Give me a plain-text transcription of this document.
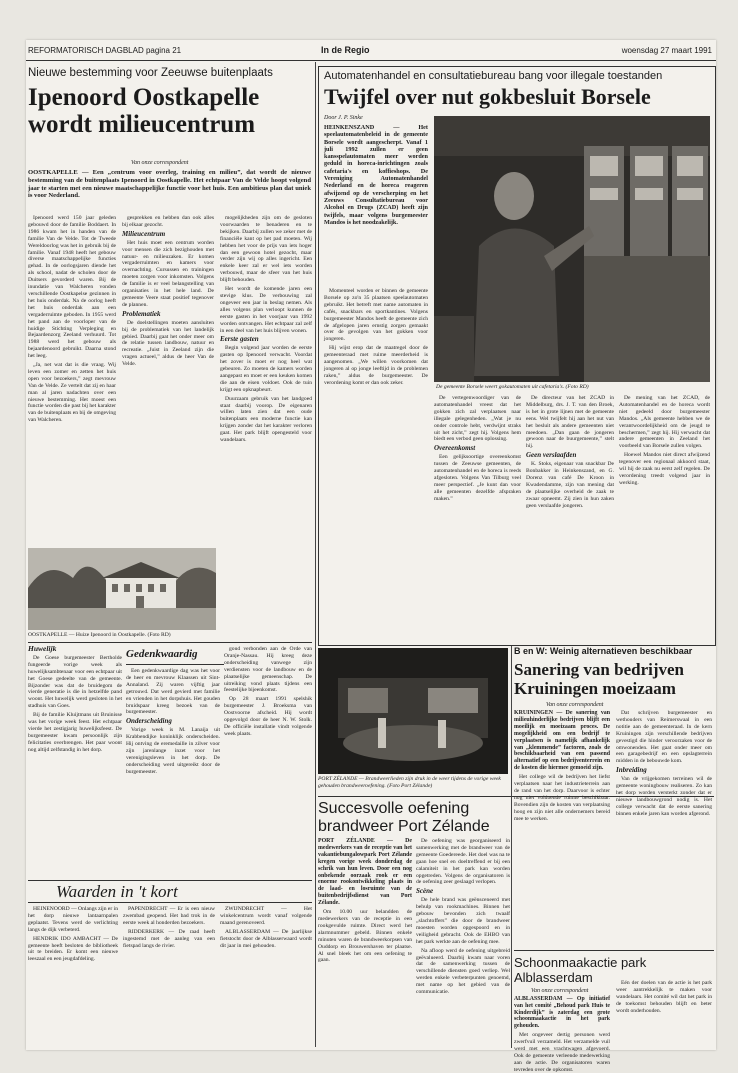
REFORMATORISCH DAGBLAD pagina 21	In de Regio	woensdag 27 maart 1991
Nieuwe bestemming voor Zeeuwse buitenplaats
Ipenoord Oostkapelle wordt milieucentrum
Van onze correspondent
OOSTKAPELLE — Een „centrum voor overleg, training en milieu”, dat wordt de nieuwe bestemming van de buitenplaats Ipenoord in Oostkapelle. Het echtpaar Van de Velde hoopt volgend jaar te starten met een nieuwe maatschappelijke functie voor het huis. Een ambitieus plan dat uniek is voor Nederland.

Ipenoord werd 150 jaar geleden gebouwd door de familie Boddaert. In 1986 kwam het in handen van de familie Van de Velde. Tot de Tweede Wereldoorlog was het in gebruik bij de familie. Vanaf 1948 heeft het gebouw diverse maatschappelijke functies gehad. In de oorlogsjaren diende het als school, nadat de scholen door de Duitsers gevorderd waren. Bij de inundatie van Walcheren vonden verschillende Oostkapelse gezinnen in het huis onderdak. Na de oorlog heeft het huis onderdak aan een vergaderruimte geboden. In 1955 werd het pand aan de voorloper van de huidige Stichting Verpleging en Bejaardenzorg Zeeland verhuurd. Tot 1988 werd het gebouw als bejaardenoord gebruikt. Daarna stond het leeg.

„Ja, net wat dat is die vraag. Wij leven een zomer en zetten het huis open voor bezoekers,” zegt mevrouw Van de Velde. Ze vertelt dat zij en haar man al jaren nadachten over een nieuwe bestemming. Het moest een functie worden die past bij het karakter van de buitenplaats en bij de omgeving van Walcheren.

gesprekken en hebben dan ook alles bij elkaar gezocht.

Milieucentrum

Het huis moet een centrum worden voor mensen die zich bezighouden met natuur- en milieuzaken. Er komen vergaderruimten en kamers voor overnachting. Cursussen en trainingen moeten zorgen voor inkomsten. Volgens de familie is er veel belangstelling van organisaties in het hele land. De gemeente Veere staat positief tegenover de plannen.

Problematiek

De doelstellingen moeten aansluiten bij de problematiek van het landelijk gebied. Daarbij gaat het onder meer om de relatie tussen landbouw, natuur en recreatie. „Juist in Zeeland zijn die vragen actueel,” aldus de heer Van de Velde.

mogelijkheden zijn om de gesloten voorwaarden te benaderen en te bekijken. Daarbij zullen we zeker met de financiële kant op het pad moeten. Wij hebben het voor de prijs van iets hoger dan een gewoon hotel gezocht, maar verder zijn wij op alles ingericht. Een enkele keer zal er wel iets worden verbouwd, maar de sfeer van het huis blijft behouden.

Het wordt de komende jaren een stevige klus. De verbouwing zal ongeveer een jaar in beslag nemen. Als alles volgens plan verloopt kunnen de eerste gasten in het voorjaar van 1992 worden ontvangen. Het echtpaar zal zelf in een deel van het huis blijven wonen.

Eerste gasten

Begin volgend jaar worden de eerste gasten op Ipenoord verwacht. Voordat het zover is moet er nog heel wat gebeuren. Zo moeten de kamers worden aangepast en moet er een keuken komen die aan de eisen voldoet. Ook de tuin krijgt een opknapbeurt.

Duurzaam gebruik van het landgoed staat daarbij voorop. De eigenaren willen laten zien dat een oude buitenplaats een moderne functie kan krijgen zonder dat het karakter verloren gaat. Het park blijft opengesteld voor wandelaars.

OOSTKAPELLE — Huize Ipenoord in Oostkapelle. (Foto RD)
Automatenhandel en consultatiebureau bang voor illegale toestanden
Twijfel over nut gokbesluit Borsele
Door J. P. Sinke
HEINKENSZAND — Het speelautomatenbeleid in de gemeente Borsele wordt aangescherpt. Vanaf 1 juli 1992 zullen er geen kansspelautomaten meer worden geduld in horeca-inrichtingen zoals cafetaria's en koffieshops. De Vereniging Automatenhandel Nederland en de horeca reageren afwijzend op de verscherping en het Zeeuws Consultatiebureau voor Alcohol en Drugs (ZCAD) heeft zijn twijfels, maar volgens burgemeester Mandos is het noodzakelijk.

Momenteel worden er binnen de gemeente Borsele op zo'n 35 plaatsen speelautomaten gebruikt. Het betreft met name automaten in cafés, snackbars en sportkantines. Volgens burgemeester Mandos heeft de gemeente zich de afgelopen jaren ernstig zorgen gemaakt over de gevolgen van het gokken voor jongeren.

Hij wijst erop dat de maatregel door de gemeenteraad met ruime meerderheid is aangenomen. „We willen voorkomen dat jongeren al op jonge leeftijd in de problemen raken,” aldus de burgemeester. De verordening komt er dan ook zeker.

De gemeente Borsele weert gokautomaten uit cafetaria's. (Foto RD)

De vertegenwoordiger van de automatenhandel vreest dat het gokken zich zal verplaatsen naar illegale gelegenheden. „Wat je nu onder controle hebt, verdwijnt straks uit het zicht,” zegt hij. Volgens hem biedt een verbod geen oplossing.

Overeenkomst

Een gelijksoortige overeenkomst tussen de Zeeuwse gemeenten, de automatenhandel en de horeca is reeds afgesloten. Volgens Van Tilburg veel meer perspectief. „Je kunt dan voor alle gemeenten dezelfde afspraken maken.”

De directeur van het ZCAD in Middelburg, drs. J. T. van den Broek, is het in grote lijnen met de gemeente eens. Wel twijfelt hij aan het nut van het besluit als andere gemeenten niet meedoen. „Dan gaan de jongeren gewoon naar de buurgemeente,” stelt hij.

Geen verslaafden

K. Stoks, eigenaar van snackbar De Bonbakker in Heinkenszand, en G. Dorenz van café De Kroon in Kwadendamme, zijn van mening dat de plaatselijke overheid de zaak te zwaar opneemt. Zij zien in hun zaken geen verslaafde jongeren.

De mening van het ZCAD, de Automatenhandel en de horeca wordt niet gedeeld door burgemeester Mandos. „Als gemeente hebben we de verantwoordelijkheid om de jeugd te beschermen,” zegt hij. Hij verwacht dat andere gemeenten in Zeeland het voorbeeld van Borsele zullen volgen.

Hoewel Mandos niet direct afwijzend tegenover een regionaal akkoord staat, wil hij de zaak nu eerst zelf regelen. De verordening treedt volgend jaar in werking.

B en W: Weinig alternatieven beschikbaar
Sanering van bedrijven Kruiningen moeizaam
Van onze correspondent

KRUININGEN — De sanering van milieuhinderlijke bedrijven blijft een moeilijk en moeizaam proces. De mogelijkheid om een bedrijf te verplaatsen is namelijk afhankelijk van „klemmende” factoren, zoals de beschikbaarheid van een passend alternatief op een bedrijventerrein en de kosten die hiermee gemoeid zijn.

Het college wil de bedrijven het liefst verplaatsen naar het industrieterrein aan de rand van het dorp. Daarvoor is echter nog niet voldoende ruimte beschikbaar. Bovendien zijn de kosten van verplaatsing hoog en zijn niet alle ondernemers bereid mee te werken.

Dat schrijven burgemeester en wethouders van Reimerswaal in een notitie aan de gemeenteraad. In de kern Kruiningen zijn verschillende bedrijven gevestigd die hinder veroorzaken voor de omwonenden. Het gaat onder meer om een garagebedrijf en een opslagterrein midden in de bebouwde kom.

Inbreiding

Van de vrijgekomen terreinen wil de gemeente woningbouw realiseren. Zo kan het dorp worden versterkt zonder dat er nieuwe landbouwgrond nodig is. Het college verwacht dat de eerste sanering binnen enkele jaren kan worden afgerond.

Huwelijk

De Goese burgemeester Bertholde fungeerde vorige week als huwelijksambtenaar voor een echtpaar uit het Goese gedeelte van de gemeente. Bijzonder was dat de bruidegom de vierde generatie is die in hetzelfde pand woont. Het huwelijk werd gesloten in het stadhuis van Goes.

Bij de familie Kluijtmans uit Bruinisse was het vorige week feest. Het echtpaar vierde het zestigjarig huwelijksfeest. De burgemeester kwam persoonlijk zijn felicitaties overbrengen. Het paar woont nog altijd zelfstandig in het dorp.

Gedenkwaardig

Een gedenkwaardige dag was het voor de heer en mevrouw Klaassen uit Sint-Annaland. Zij waren vijftig jaar getrouwd. Dat werd gevierd met familie en vrienden in het dorpshuis. Het gouden bruidspaar kreeg bezoek van de burgemeester.

Onderscheiding

Vorige week is M. Lanaija uit Krabbendijke koninklijk onderscheiden. Hij ontving de eremedaille in zilver voor zijn jarenlange inzet voor het verenigingsleven in het dorp. De onderscheiding werd uitgereikt door de burgemeester.

goud verbonden aan de Orde van Oranje-Nassau. Hij kreeg deze onderscheiding vanwege zijn verdiensten voor de landbouw en de plaatselijke gemeenschap. De uitreiking vond plaats tijdens een feestelijke bijeenkomst.

Op 28 maart 1991 spelshik burgemeester J. Broeksma van Oostvoorne afscheid. Hij wordt opgevolgd door de heer N. W. Stolk. De officiële installatie vindt volgende week plaats.

PORT ZÉLANDE — Brandweerlieden zijn druk in de weer tijdens de vorige week gehouden brandweeroefening. (Foto Port Zélande)
Succesvolle oefening brandweer Port Zélande

PORT ZÉLANDE — De medewerkers van de receptie van het vakantiebungalowpark Port Zélande kregen vorige week donderdag de schrik van hun leven. Door een nog onbekende oorzaak rook er een enorme rookontwikkeling plaats in de laad- en losruimte van de buitenbedrijfsdienst van Port Zélande.

Om 10.00 uur belandden de medewerkers van de receptie in een rookgevulde ruimte. Direct werd het alarmnummer gebeld. Binnen enkele minuten waren de brandweerkorpsen van Ouddorp en Brouwershaven ter plaatse. Al snel bleek het om een oefening te gaan.

De oefening was georganiseerd in samenwerking met de brandweer van de gemeente Goedereede. Het doel was na te gaan hoe snel en doeltreffend er bij een calamiteit in het park kan worden opgetreden. Volgens de organisatoren is de oefening zeer geslaagd verlopen.

Scène

De hele brand was geënsceneerd met behulp van rookmachines. Binnen het gebouw bevonden zich twaalf „slachtoffers” die door de brandweer moesten worden opgespoord en in veiligheid gebracht. Ook de EHBO van het park werkte aan de oefening mee.

Na afloop werd de oefening uitgebreid geëvalueerd. Daarbij kwam naar voren dat de samenwerking tussen de verschillende diensten goed verliep. Wel werden enkele verbeterpunten genoemd, met name op het gebied van de communicatie.

Schoonmaakactie park Alblasserdam
Van onze correspondent

ALBLASSERDAM — Op initiatief van het comité „Behoud park Huis te Kinderdijk” is zaterdag een grote schoonmaakactie in het park gehouden.

Met ongeveer dertig personen werd zwerfvuil verzameld. Het verzamelde vuil werd met een vrachtwagen afgevoerd. Ook de gemeente verleende medewerking aan de actie. De organisatoren waren tevreden over de opkomst.

Eén der doelen van de actie is het park weer aantrekkelijk te maken voor wandelaars. Het comité wil dat het park in de toekomst behouden blijft en beter wordt onderhouden.

Waarden in 't kort

HEINENOORD — Onlangs zijn er in het dorp nieuwe lantaarnpalen geplaatst. Tevens werd de verlichting langs de dijk verbeterd.

HENDRIK IDO AMBACHT — De gemeente heeft besloten de bibliotheek uit te breiden. Er komt een nieuwe leeszaal en een jeugdafdeling.

PAPENDRECHT — Er is een nieuw zwembad geopend. Het bad trok in de eerste week al honderden bezoekers.

RIDDERKERK — De raad heeft ingestemd met de aanleg van een fietspad langs de rivier.

ZWIJNDRECHT — Het winkelcentrum wordt vanaf volgende maand gerenoveerd.

ALBLASSERDAM — De jaarlijkse fietstocht door de Alblasserwaard wordt dit jaar in mei gehouden.
